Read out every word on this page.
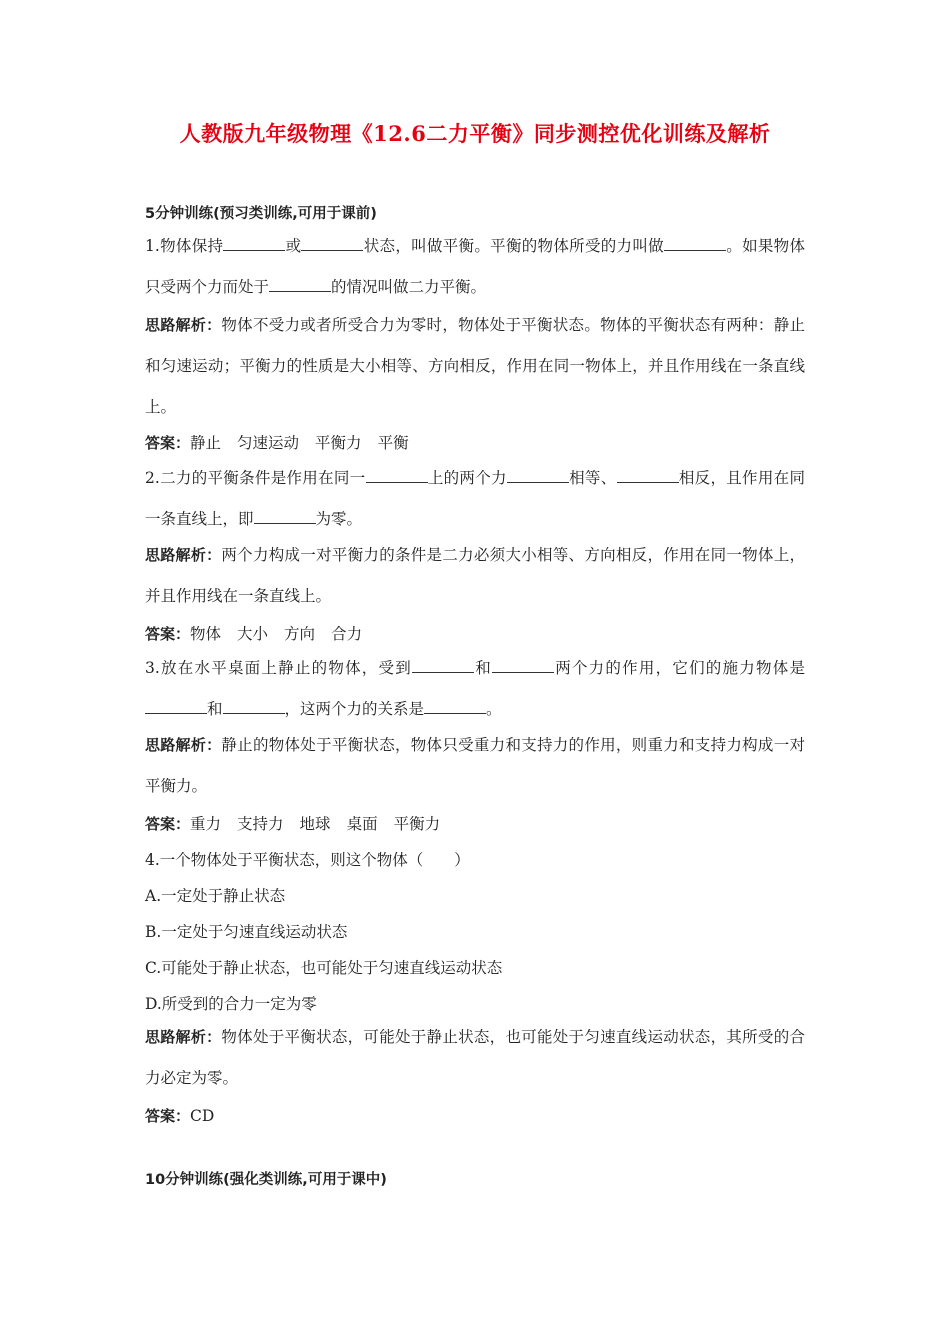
人教版九年级物理《12.6二力平衡》同步测控优化训练及解析
5分钟训练(预习类训练,可用于课前)
1.物体保持	或	状态，叫做平衡。平衡的物体所受的力叫做	。如果物体只受两个力而处于	的情况叫做二力平衡。
思路解析：物体不受力或者所受合力为零时，物体处于平衡状态。物体的平衡状态有两种：静止和匀速运动；平衡力的性质是大小相等、方向相反，作用在同一物体上，并且作用线在一条直线上。
答案：静止 匀速运动 平衡力 平衡
2.二力的平衡条件是作用在同一	上的两个力	相等、	相反，且作用在同一条直线上，即	为零。
思路解析：两个力构成一对平衡力的条件是二力必须大小相等、方向相反，作用在同一物体上，并且作用线在一条直线上。
答案：物体 大小 方向 合力
3.放在水平桌面上静止的物体，受到	和	两个力的作用，它们的施力物体是和	，这两个力的关系是	。
思路解析：静止的物体处于平衡状态，物体只受重力和支持力的作用，则重力和支持力构成一对平衡力。
答案：重力 支持力 地球 桌面 平衡力
4.一个物体处于平衡状态，则这个物体（　　）
A.一定处于静止状态
B.一定处于匀速直线运动状态
C.可能处于静止状态，也可能处于匀速直线运动状态
D.所受到的合力一定为零
思路解析：物体处于平衡状态，可能处于静止状态，也可能处于匀速直线运动状态，其所受的合力必定为零。
答案：CD
10分钟训练(强化类训练,可用于课中)
